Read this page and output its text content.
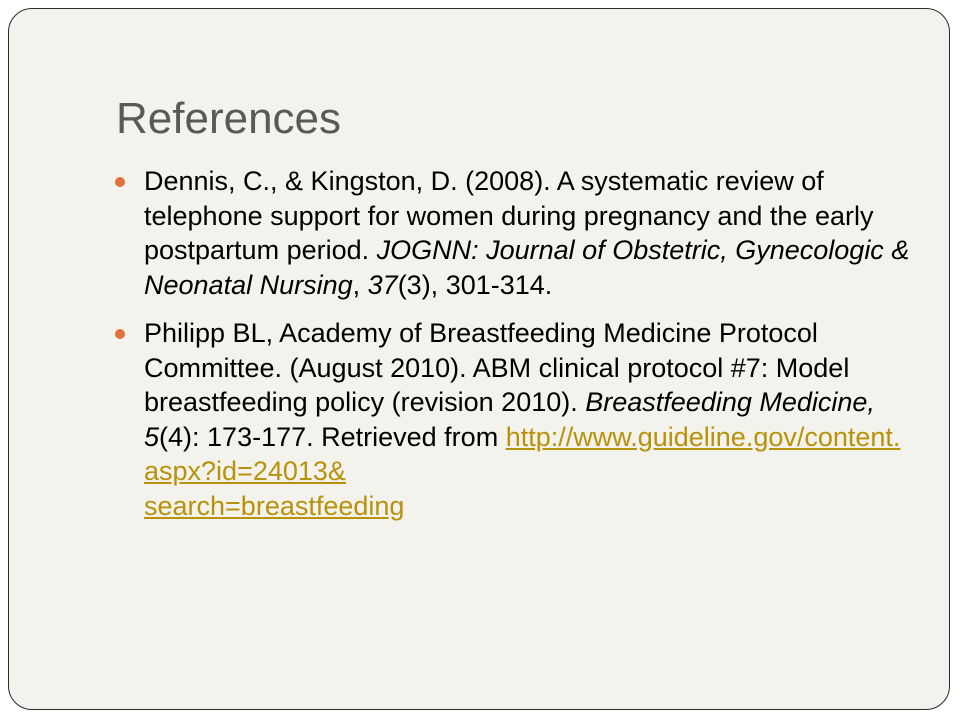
References
Dennis, C., & Kingston, D. (2008). A systematic review of telephone support for women during pregnancy and the early postpartum period. JOGNN: Journal of Obstetric, Gynecologic & Neonatal Nursing, 37(3), 301-314.
Philipp BL, Academy of Breastfeeding Medicine Protocol Committee. (August 2010). ABM clinical protocol #7: Model breastfeeding policy (revision 2010). Breastfeeding Medicine, 5(4): 173-177. Retrieved from http://www.guideline.gov/content.aspx?id=24013&
search=breastfeeding
